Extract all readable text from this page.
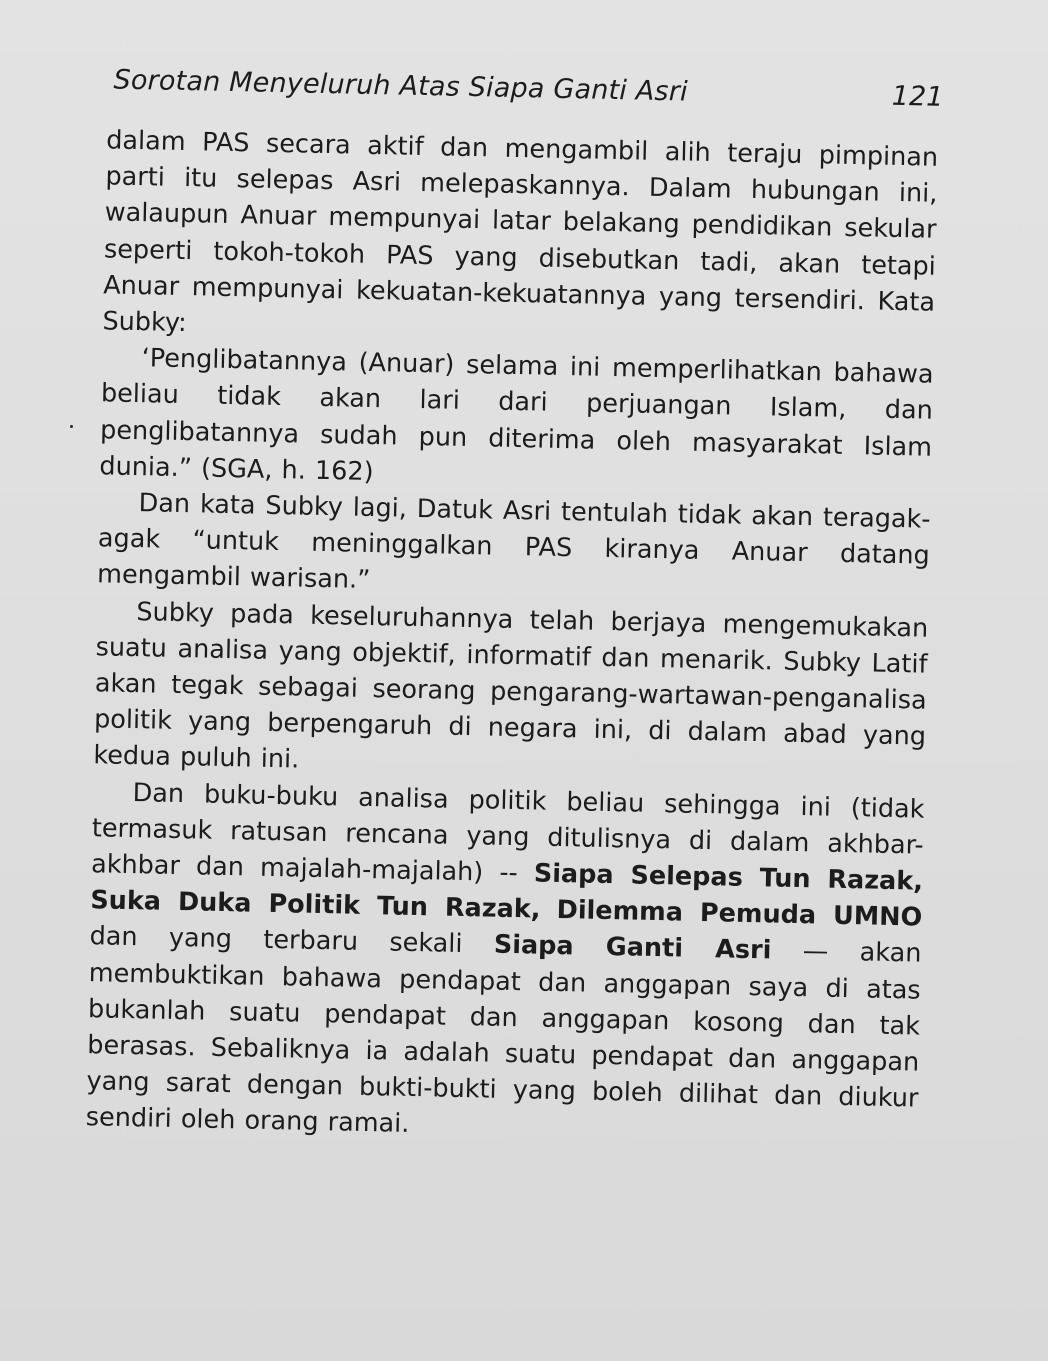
Sorotan Menyeluruh Atas Siapa Ganti Asri	121

dalam PAS secara aktif dan mengambil alih teraju pimpinan parti itu selepas Asri melepaskannya. Dalam hubungan ini, walaupun Anuar mempunyai latar belakang pendidikan sekular seperti tokoh-tokoh PAS yang disebutkan tadi, akan tetapi Anuar mempunyai kekuatan-kekuatannya yang tersendiri. Kata Subky:

‘Penglibatannya (Anuar) selama ini memperlihatkan bahawa beliau tidak akan lari dari perjuangan Islam, dan penglibatannya sudah pun diterima oleh masyarakat Islam dunia.” (SGA, h. 162)

Dan kata Subky lagi, Datuk Asri tentulah tidak akan teragak-agak “untuk meninggalkan PAS kiranya Anuar datang mengambil warisan.”

Subky pada keseluruhannya telah berjaya mengemukakan suatu analisa yang objektif, informatif dan menarik. Subky Latif akan tegak sebagai seorang pengarang-wartawan-penganalisa politik yang berpengaruh di negara ini, di dalam abad yang kedua puluh ini.

Dan buku-buku analisa politik beliau sehingga ini (tidak termasuk ratusan rencana yang ditulisnya di dalam akhbar-akhbar dan majalah-majalah) -- Siapa Selepas Tun Razak, Suka Duka Politik Tun Razak, Dilemma Pemuda UMNO dan yang terbaru sekali Siapa Ganti Asri — akan membuktikan bahawa pendapat dan anggapan saya di atas bukanlah suatu pendapat dan anggapan kosong dan tak berasas. Sebaliknya ia adalah suatu pendapat dan anggapan yang sarat dengan bukti-bukti yang boleh dilihat dan diukur sendiri oleh orang ramai.
